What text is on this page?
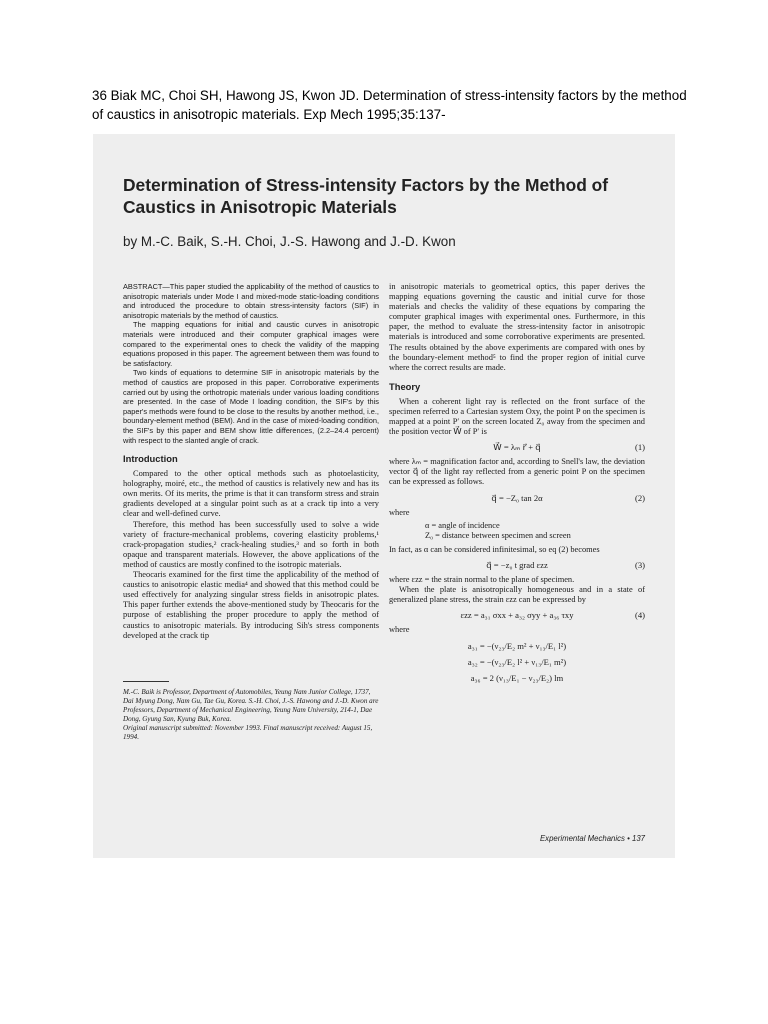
36 Biak MC, Choi SH, Hawong JS, Kwon JD. Determination of stress-intensity factors by the method of caustics in anisotropic materials. Exp Mech 1995;35:137-
Determination of Stress-intensity Factors by the Method of Caustics in Anisotropic Materials
by M.-C. Baik, S.-H. Choi, J.-S. Hawong and J.-D. Kwon

ABSTRACT—This paper studied the applicability of the method of caustics to anisotropic materials under Mode I and mixed-mode static-loading conditions and introduced the procedure to obtain stress-intensity factors (SIF) in anisotropic materials by the method of caustics.

The mapping equations for initial and caustic curves in anisotropic materials were introduced and their computer graphical images were compared to the experimental ones to check the validity of the mapping equations proposed in this paper. The agreement between them was found to be satisfactory.

Two kinds of equations to determine SIF in anisotropic materials by the method of caustics are proposed in this paper. Corroborative experiments carried out by using the orthotropic materials under various loading conditions are presented. In the case of Mode I loading condition, the SIF's by this paper's methods were found to be close to the results by another method, i.e., boundary-element method (BEM). And in the case of mixed-loading condition, the SIF's by this paper and BEM show little differences, (2.2–24.4 percent) with respect to the slanted angle of crack.

Introduction

Compared to the other optical methods such as photoelasticity, holography, moiré, etc., the method of caustics is relatively new and has its own merits. Of its merits, the prime is that it can transform stress and strain gradients developed at a singular point such as at a crack tip into a very clear and well-defined curve.

Therefore, this method has been successfully used to solve a wide variety of fracture-mechanical problems, covering elasticity problems,¹ crack-propagation studies,² crack-healing studies,³ and so forth in both opaque and transparent materials. However, the above applications of the method of caustics are mostly confined to the isotropic materials.

Theocaris examined for the first time the applicability of the method of caustics to anisotropic elastic media⁴ and showed that this method could be used effectively for analyzing singular stress fields in anisotropic plates. This paper further extends the above-mentioned study by Theocaris for the purpose of establishing the proper procedure to apply the method of caustics to anisotropic materials. By introducing Sih's stress components developed at the crack tip

M.-C. Baik is Professor, Department of Automobiles, Yeung Nam Junior College, 1737, Dai Myung Dong, Nam Gu, Tae Gu, Korea. S.-H. Choi, J.-S. Hawong and J.-D. Kwon are Professors, Department of Mechanical Engineering, Yeung Nam University, 214-1, Dae Dong, Gyung San, Kyung Buk, Korea.

Original manuscript submitted: November 1993. Final manuscript received: August 15, 1994.

in anisotropic materials to geometrical optics, this paper derives the mapping equations governing the caustic and initial curve for those materials and checks the validity of these equations by comparing the computer graphical images with experimental ones. Furthermore, in this paper, the method to evaluate the stress-intensity factor in anisotropic materials is introduced and some corroborative experiments are presented. The results obtained by the above experiments are compared with ones by the boundary-element method⁵ to find the proper region of initial curve where the correct results are made.

Theory

When a coherent light ray is reflected on the front surface of the specimen referred to a Cartesian system Oxy, the point P on the specimen is mapped at a point P′ on the screen located Z₀ away from the specimen and the position vector W⃗ of P′ is

W⃗ = λₘ r⃗ + q⃗	(1)

where λₘ = magnification factor and, according to Snell's law, the deviation vector q⃗ of the light ray reflected from a generic point P on the specimen can be expressed as follows.

q⃗ = −Z₀ tan 2α	(2)

where

α = angle of incidence
Z₀ = distance between specimen and screen

In fact, as α can be considered infinitesimal, so eq (2) becomes

q⃗ = −z₀ t grad εzz	(3)

where εzz = the strain normal to the plane of specimen.

When the plate is anisotropically homogeneous and in a state of generalized plane stress, the strain εzz can be expressed by

εzz = a₃₁ σxx + a₃₂ σyy + a₃₆ τxy	(4)

where

a₃₁ = −(ν₂₃/E₂ m² + ν₁₃/E₁ l²)
a₃₂ = −(ν₂₃/E₂ l² + ν₁₃/E₁ m²)
a₃₆ = 2 (ν₁₃/E₁ − ν₂₃/E₂) lm
Experimental Mechanics • 137
